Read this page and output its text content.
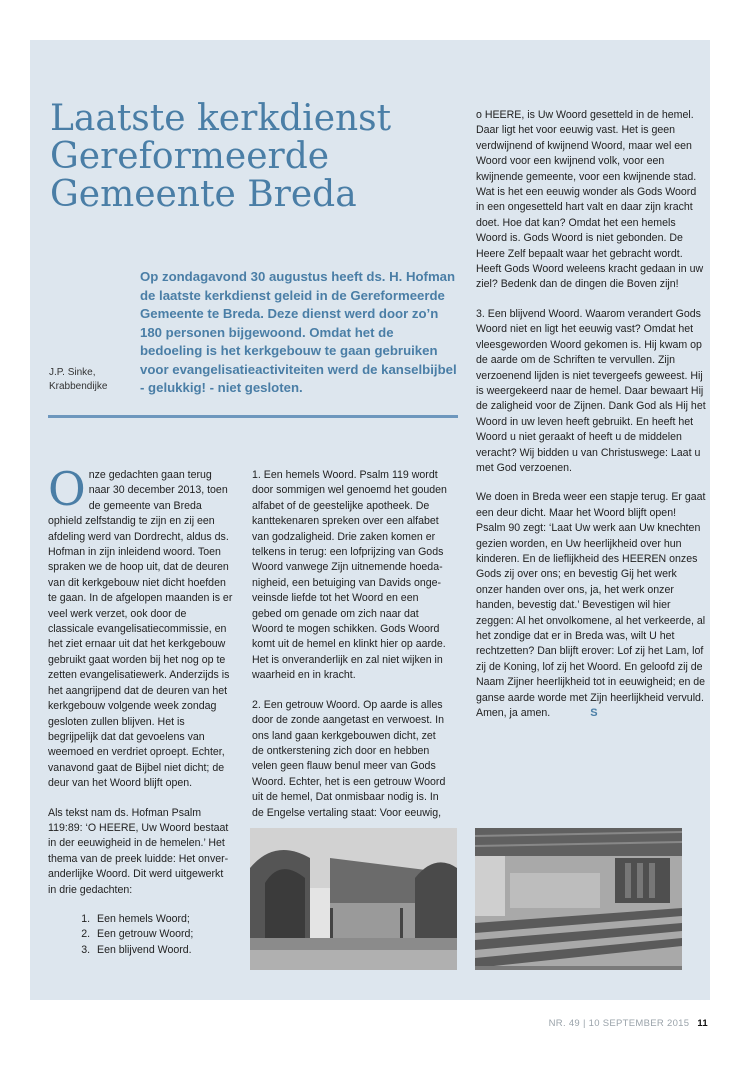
Laatste kerkdienst
Gereformeerde
Gemeente Breda

Op zondagavond 30 augustus heeft ds. H. Hofman de laatste kerkdienst geleid in de Gereformeerde Gemeente te Breda. Deze dienst werd door zo’n 180 personen bijgewoond. Omdat het de bedoeling is het kerkgebouw te gaan gebruiken voor evangelisatieactiviteiten werd de kanselbijbel - gelukkig! - niet gesloten.

J.P. Sinke,
Krabbendijke

Onze gedachten gaan terug naar 30 december 2013, toen de gemeente van Breda ophield zelfstandig te zijn en zij een afdeling werd van Dordrecht, aldus ds. Hofman in zijn inleidend woord. Toen spraken we de hoop uit, dat de deuren van dit kerkgebouw niet dicht hoefden te gaan. In de afgelopen maanden is er veel werk verzet, ook door de classicale evangelisatiecommissie, en het ziet ernaar uit dat het kerkgebouw gebruikt gaat worden bij het nog op te zetten evangelisatiewerk. Anderzijds is het aangrijpend dat de deuren van het kerkgebouw volgende week zondag gesloten zullen blijven. Het is begrijpelijk dat dat gevoelens van weemoed en verdriet oproept. Echter, vanavond gaat de Bijbel niet dicht; de deur van het Woord blijft open.

Als tekst nam ds. Hofman Psalm 119:89: ‘O HEERE, Uw Woord bestaat in der eeuwigheid in de hemelen.’ Het thema van de preek luidde: Het onveranderlijke Woord. Dit werd uitgewerkt in drie gedachten:

1. Een hemels Woord;
2. Een getrouw Woord;
3. Een blijvend Woord.

1. Een hemels Woord. Psalm 119 wordt door sommigen wel genoemd het gouden alfabet of de geestelijke apotheek. De kanttekenaren spreken over een alfabet van godzaligheid. Drie zaken komen er telkens in terug: een lofprijzing van Gods Woord vanwege Zijn uitnemende hoedanigheid, een betuiging van Davids ongeveinsde liefde tot het Woord en een gebed om genade om zich naar dat Woord te mogen schikken. Gods Woord komt uit de hemel en klinkt hier op aarde. Het is onveranderlijk en zal niet wijken in waarheid en in kracht.

2. Een getrouw Woord. Op aarde is alles door de zonde aangetast en verwoest. In ons land gaan kerkgebouwen dicht, zet de ontkerstening zich door en hebben velen geen flauw benul meer van Gods Woord. Echter, het is een getrouw Woord uit de hemel, Dat onmisbaar nodig is. In de Engelse vertaling staat: Voor eeuwig,

o HEERE, is Uw Woord gesetteld in de hemel. Daar ligt het voor eeuwig vast. Het is geen verdwijnend of kwijnend Woord, maar wel een Woord voor een kwijnend volk, voor een kwijnende gemeente, voor een kwijnende stad. Wat is het een eeuwig wonder als Gods Woord in een ongesetteld hart valt en daar zijn kracht doet. Hoe dat kan? Omdat het een hemels Woord is. Gods Woord is niet gebonden. De Heere Zelf bepaalt waar het gebracht wordt. Heeft Gods Woord weleens kracht gedaan in uw ziel? Bedenk dan de dingen die Boven zijn!

3. Een blijvend Woord. Waarom verandert Gods Woord niet en ligt het eeuwig vast? Omdat het vleesgeworden Woord gekomen is. Hij kwam op de aarde om de Schriften te vervullen. Zijn verzoenend lijden is niet tevergeefs geweest. Hij is weergekeerd naar de hemel. Daar bewaart Hij de zaligheid voor de Zijnen. Dank God als Hij het Woord in uw leven heeft gebruikt. En heeft het Woord u niet geraakt of heeft u de middelen veracht? Wij bidden u van Christuswege: Laat u met God verzoenen.

We doen in Breda weer een stapje terug. Er gaat een deur dicht. Maar het Woord blijft open! Psalm 90 zegt: ‘Laat Uw werk aan Uw knechten gezien worden, en Uw heerlijkheid over hun kinderen. En de lieflijkheid des HEEREN onzes Gods zij over ons; en bevestig Gij het werk onzer handen over ons, ja, het werk onzer handen, bevestig dat.’ Bevestigen wil hier zeggen: Al het onvolkomene, al het verkeerde, al het zondige dat er in Breda was, wilt U het rechtzetten? Dan blijft erover: Lof zij het Lam, lof zij de Koning, lof zij het Woord. En geloofd zij de Naam Zijner heerlijkheid tot in eeuwigheid; en de ganse aarde worde met Zijn heerlijkheid vervuld. Amen, ja amen.	S

NR. 49 | 10 SEPTEMBER 2015 11
